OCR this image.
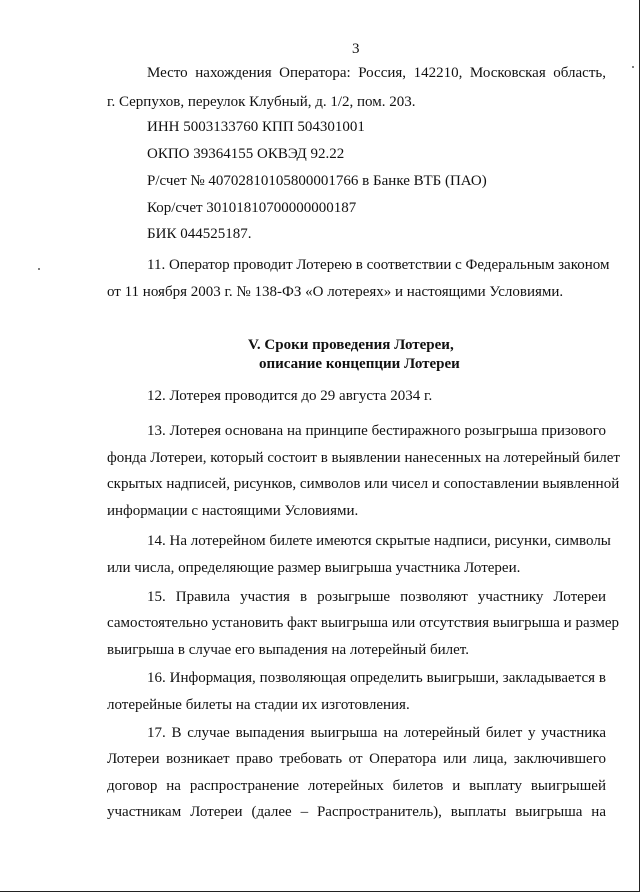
3
Место нахождения Оператора: Россия, 142210, Московская область,
г. Серпухов, переулок Клубный, д. 1/2, пом. 203.
ИНН 5003133760 КПП 504301001
ОКПО 39364155 ОКВЭД 92.22
Р/счет № 40702810105800001766 в Банке ВТБ (ПАО)
Кор/счет 30101810700000000187
БИК 044525187.
11. Оператор проводит Лотерею в соответствии с Федеральным законом
от 11 ноября 2003 г. № 138-ФЗ «О лотереях» и настоящими Условиями.
V. Сроки проведения Лотереи,
описание концепции Лотереи
12. Лотерея проводится до 29 августа 2034 г.
13. Лотерея основана на принципе бестиражного розыгрыша призового
фонда Лотереи, который состоит в выявлении нанесенных на лотерейный билет
скрытых надписей, рисунков, символов или чисел и сопоставлении выявленной
информации с настоящими Условиями.
14. На лотерейном билете имеются скрытые надписи, рисунки, символы
или числа, определяющие размер выигрыша участника Лотереи.
15. Правила участия в розыгрыше позволяют участнику Лотереи
самостоятельно установить факт выигрыша или отсутствия выигрыша и размер
выигрыша в случае его выпадения на лотерейный билет.
16. Информация, позволяющая определить выигрыши, закладывается в
лотерейные билеты на стадии их изготовления.
17. В случае выпадения выигрыша на лотерейный билет у участника
Лотереи возникает право требовать от Оператора или лица, заключившего
договор на распространение лотерейных билетов и выплату выигрышей
участникам Лотереи (далее – Распространитель), выплаты выигрыша на
